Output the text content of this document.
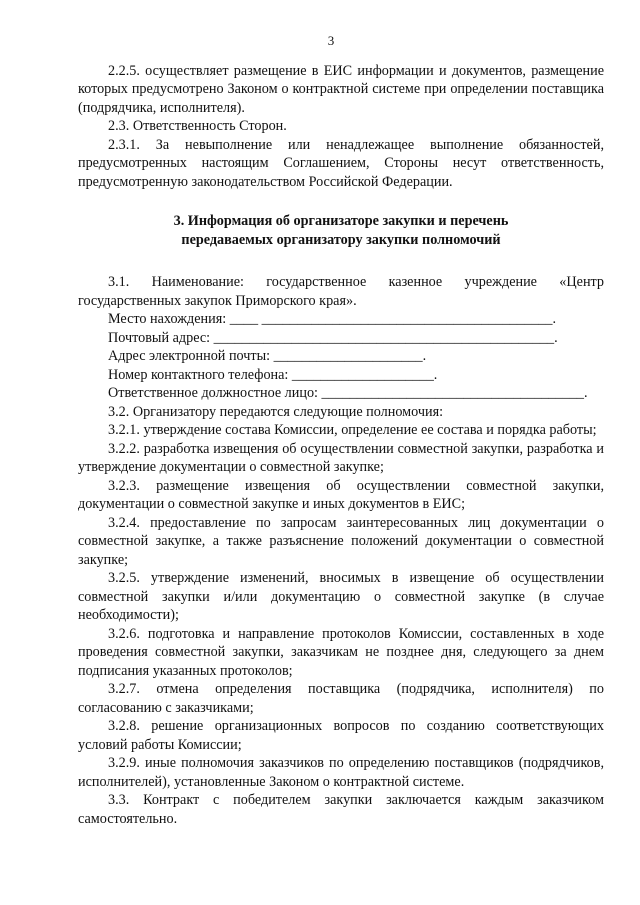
3

2.2.5. осуществляет размещение в ЕИС информации и документов, размещение которых предусмотрено Законом о контрактной системе при определении поставщика (подрядчика, исполнителя).

2.3. Ответственность Сторон.

2.3.1. За невыполнение или ненадлежащее выполнение обязанностей, предусмотренных настоящим Соглашением, Стороны несут ответственность, предусмотренную законодательством Российской Федерации.

3. Информация об организаторе закупки и перечень
передаваемых организатору закупки полномочий

3.1. Наименование: государственное казенное учреждение «Центр государственных закупок Приморского края».

Место нахождения: ____ _________________________________________.
Почтовый адрес: ________________________________________________.
Адрес электронной почты: _____________________.
Номер контактного телефона: ____________________.
Ответственное должностное лицо: _____________________________________.

3.2. Организатору передаются следующие полномочия:

3.2.1. утверждение состава Комиссии, определение ее состава и порядка работы;

3.2.2. разработка извещения об осуществлении совместной закупки, разработка и утверждение документации о совместной закупке;

3.2.3. размещение извещения об осуществлении совместной закупки, документации о совместной закупке и иных документов в ЕИС;

3.2.4. предоставление по запросам заинтересованных лиц документации о совместной закупке, а также разъяснение положений документации о совместной закупке;

3.2.5. утверждение изменений, вносимых в извещение об осуществлении совместной закупки и/или документацию о совместной закупке (в случае необходимости);

3.2.6. подготовка и направление протоколов Комиссии, составленных в ходе проведения совместной закупки, заказчикам не позднее дня, следующего за днем подписания указанных протоколов;

3.2.7. отмена определения поставщика (подрядчика, исполнителя) по согласованию с заказчиками;

3.2.8. решение организационных вопросов по созданию соответствующих условий работы Комиссии;

3.2.9. иные полномочия заказчиков по определению поставщиков (подрядчиков, исполнителей), установленные Законом о контрактной системе.

3.3. Контракт с победителем закупки заключается каждым заказчиком самостоятельно.
